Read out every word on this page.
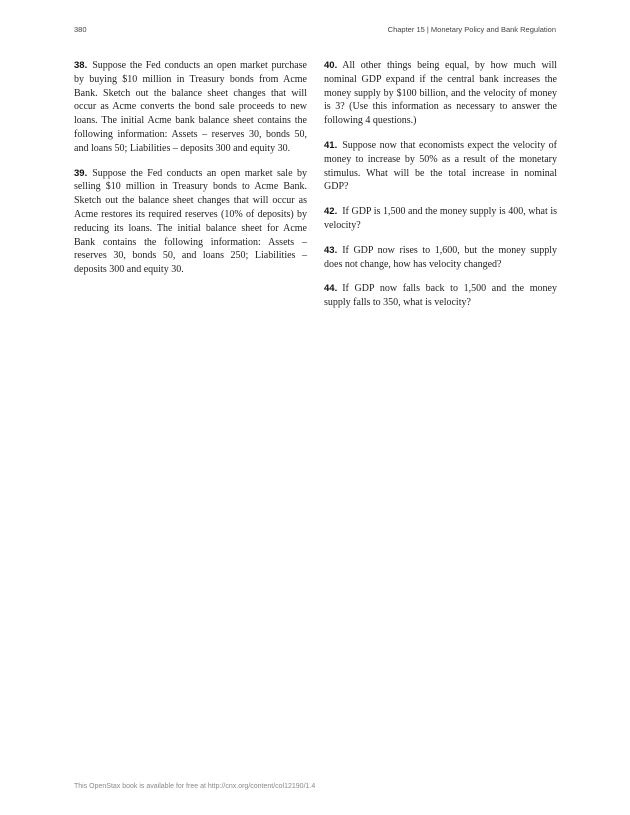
380	Chapter 15 | Monetary Policy and Bank Regulation

38. Suppose the Fed conducts an open market purchase by buying $10 million in Treasury bonds from Acme Bank. Sketch out the balance sheet changes that will occur as Acme converts the bond sale proceeds to new loans. The initial Acme bank balance sheet contains the following information: Assets – reserves 30, bonds 50, and loans 50; Liabilities – deposits 300 and equity 30.

39. Suppose the Fed conducts an open market sale by selling $10 million in Treasury bonds to Acme Bank. Sketch out the balance sheet changes that will occur as Acme restores its required reserves (10% of deposits) by reducing its loans. The initial balance sheet for Acme Bank contains the following information: Assets – reserves 30, bonds 50, and loans 250; Liabilities – deposits 300 and equity 30.

40. All other things being equal, by how much will nominal GDP expand if the central bank increases the money supply by $100 billion, and the velocity of money is 3? (Use this information as necessary to answer the following 4 questions.)

41. Suppose now that economists expect the velocity of money to increase by 50% as a result of the monetary stimulus. What will be the total increase in nominal GDP?

42. If GDP is 1,500 and the money supply is 400, what is velocity?

43. If GDP now rises to 1,600, but the money supply does not change, how has velocity changed?

44. If GDP now falls back to 1,500 and the money supply falls to 350, what is velocity?

This OpenStax book is available for free at http://cnx.org/content/col12190/1.4
